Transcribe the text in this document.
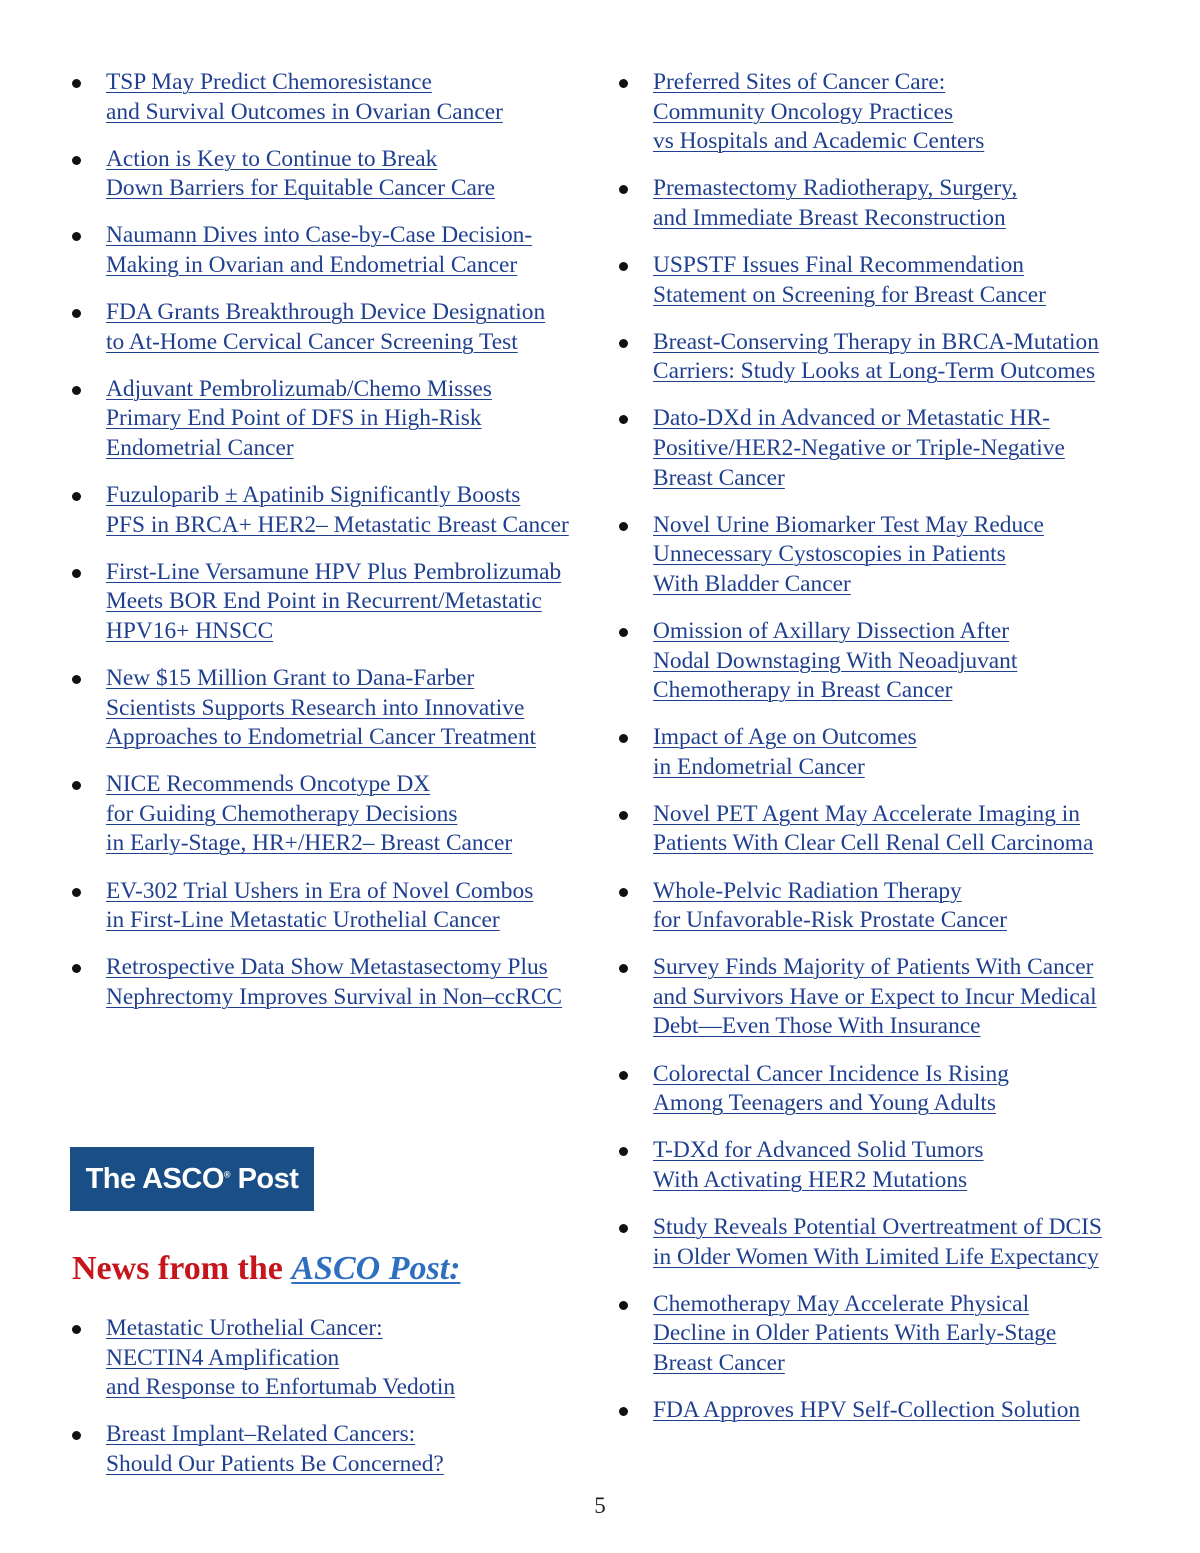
TSP May Predict Chemoresistance
and Survival Outcomes in Ovarian Cancer
Action is Key to Continue to Break
Down Barriers for Equitable Cancer Care
Naumann Dives into Case-by-Case Decision-
Making in Ovarian and Endometrial Cancer
FDA Grants Breakthrough Device Designation
to At-Home Cervical Cancer Screening Test
Adjuvant Pembrolizumab/Chemo Misses
Primary End Point of DFS in High-Risk
Endometrial Cancer
Fuzuloparib ± Apatinib Significantly Boosts
PFS in BRCA+ HER2– Metastatic Breast Cancer
First-Line Versamune HPV Plus Pembrolizumab
Meets BOR End Point in Recurrent/Metastatic
HPV16+ HNSCC
New $15 Million Grant to Dana-Farber
Scientists Supports Research into Innovative
Approaches to Endometrial Cancer Treatment
NICE Recommends Oncotype DX
for Guiding Chemotherapy Decisions
in Early-Stage, HR+/HER2– Breast Cancer
EV-302 Trial Ushers in Era of Novel Combos
in First-Line Metastatic Urothelial Cancer
Retrospective Data Show Metastasectomy Plus
Nephrectomy Improves Survival in Non–ccRCC
Preferred Sites of Cancer Care:
Community Oncology Practices
vs Hospitals and Academic Centers
Premastectomy Radiotherapy, Surgery,
and Immediate Breast Reconstruction
USPSTF Issues Final Recommendation
Statement on Screening for Breast Cancer
Breast-Conserving Therapy in BRCA-Mutation
Carriers: Study Looks at Long-Term Outcomes
Dato-DXd in Advanced or Metastatic HR-
Positive/HER2-Negative or Triple-Negative
Breast Cancer
Novel Urine Biomarker Test May Reduce
Unnecessary Cystoscopies in Patients
With Bladder Cancer
Omission of Axillary Dissection After
Nodal Downstaging With Neoadjuvant
Chemotherapy in Breast Cancer
Impact of Age on Outcomes
in Endometrial Cancer
Novel PET Agent May Accelerate Imaging in
Patients With Clear Cell Renal Cell Carcinoma
Whole-Pelvic Radiation Therapy
for Unfavorable-Risk Prostate Cancer
Survey Finds Majority of Patients With Cancer
and Survivors Have or Expect to Incur Medical
Debt—Even Those With Insurance
Colorectal Cancer Incidence Is Rising
Among Teenagers and Young Adults
T-DXd for Advanced Solid Tumors
With Activating HER2 Mutations
Study Reveals Potential Overtreatment of DCIS
in Older Women With Limited Life Expectancy
Chemotherapy May Accelerate Physical
Decline in Older Patients With Early-Stage
Breast Cancer
FDA Approves HPV Self-Collection Solution
The ASCO® Post
News from the ASCO Post:
Metastatic Urothelial Cancer:
NECTIN4 Amplification
and Response to Enfortumab Vedotin
Breast Implant–Related Cancers:
Should Our Patients Be Concerned?
5
